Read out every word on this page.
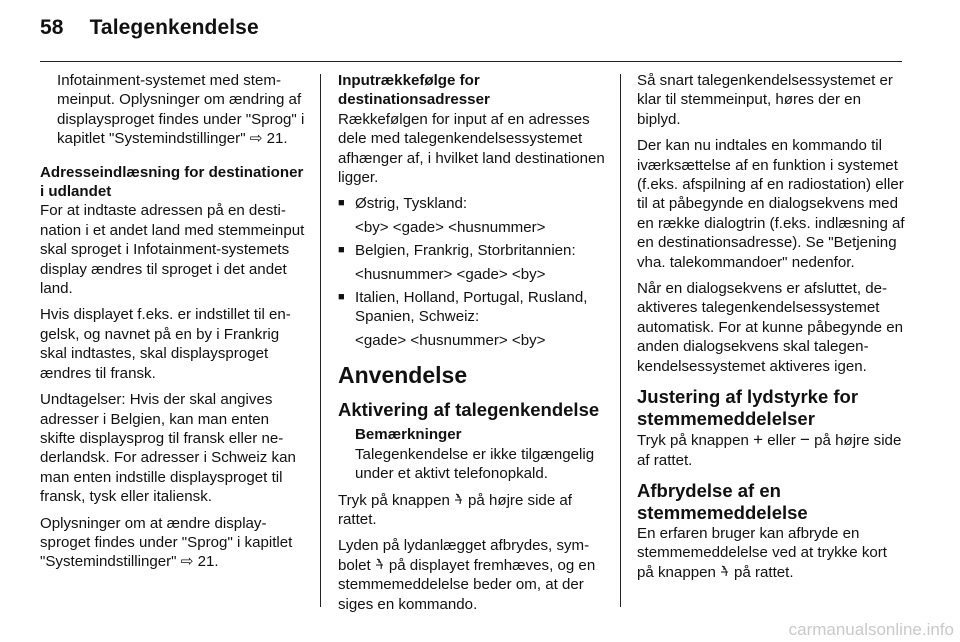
58 Talegenkendelse

Infotainment-systemet med stemmeinput. Oplysninger om ændring af displaysproget findes under "Sprog" i kapitlet "Systemindstillinger" ⇨ 21.

Adresseindlæsning for destinationer i udlandet

For at indtaste adressen på en destination i et andet land med stemmeinput skal sproget i Infotainment-systemets display ændres til sproget i det andet land.

Hvis displayet f.eks. er indstillet til engelsk, og navnet på en by i Frankrig skal indtastes, skal displaysproget ændres til fransk.

Undtagelser: Hvis der skal angives adresser i Belgien, kan man enten skifte displaysprog til fransk eller nederlandsk. For adresser i Schweiz kan man enten indstille displaysproget til fransk, tysk eller italiensk.

Oplysninger om at ændre displaysproget findes under "Sprog" i kapitlet "Systemindstillinger" ⇨ 21.

Inputrækkefølge for destinationsadresser

Rækkefølgen for input af en adresses dele med talegenkendelsessystemet afhænger af, i hvilket land destinationen ligger.

■ Østrig, Tyskland:
<by> <gade> <husnummer>
■ Belgien, Frankrig, Storbritannien:
<husnummer> <gade> <by>
■ Italien, Holland, Portugal, Rusland, Spanien, Schweiz:
<gade> <husnummer> <by>
Anvendelse
Aktivering af talegenkendelse
Bemærkninger
Talegenkendelse er ikke tilgængelig under et aktivt telefonopkald.

Tryk på knappen på højre side af rattet.

Lyden på lydanlægget afbrydes, symbolet på displayet fremhæves, og en stemmemeddelelse beder om, at der siges en kommando.

Så snart talegenkendelsessystemet er klar til stemmeinput, høres der en biplyd.

Der kan nu indtales en kommando til iværksættelse af en funktion i systemet (f.eks. afspilning af en radiostation) eller til at påbegynde en dialogsekvens med en række dialogtrin (f.eks. indlæsning af en destinationsadresse). Se "Betjening vha. talekommandoer" nedenfor.

Når en dialogsekvens er afsluttet, deaktiveres talegenkendelsessystemet automatisk. For at kunne påbegynde en anden dialogsekvens skal talegenkendelsessystemet aktiveres igen.

Justering af lydstyrke for stemmemeddelelser

Tryk på knappen + eller − på højre side af rattet.

Afbrydelse af en stemmemeddelelse

En erfaren bruger kan afbryde en stemmemeddelelse ved at trykke kort på knappen på rattet.

carmanualsonline.info
